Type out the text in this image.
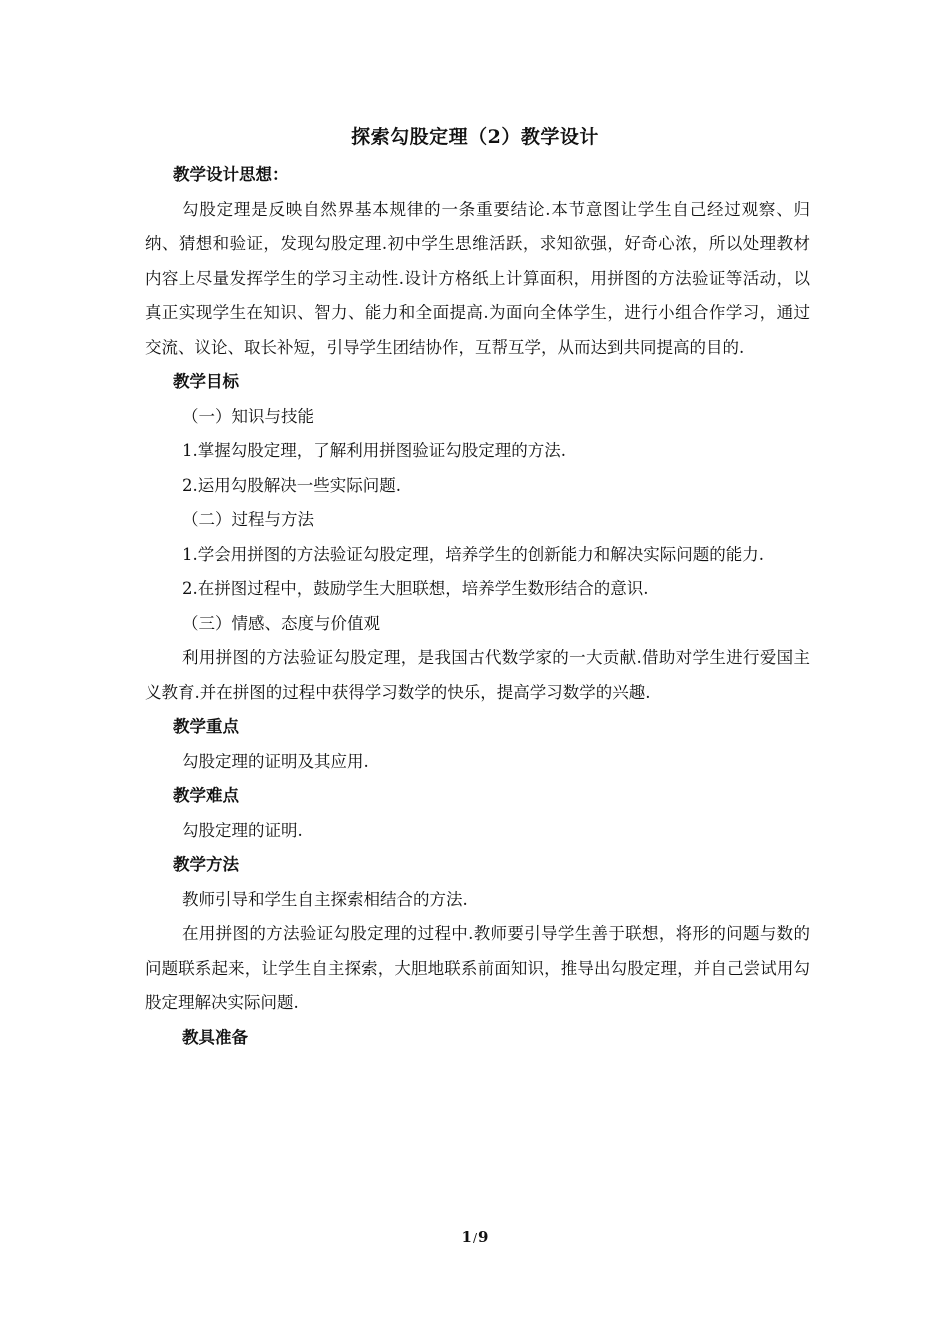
探索勾股定理（2）教学设计

教学设计思想：

勾股定理是反映自然界基本规律的一条重要结论.本节意图让学生自己经过观察、归纳、猜想和验证，发现勾股定理.初中学生思维活跃，求知欲强，好奇心浓，所以处理教材内容上尽量发挥学生的学习主动性.设计方格纸上计算面积，用拼图的方法验证等活动，以真正实现学生在知识、智力、能力和全面提高.为面向全体学生，进行小组合作学习，通过交流、议论、取长补短，引导学生团结协作，互帮互学，从而达到共同提高的目的.

教学目标

（一）知识与技能

1.掌握勾股定理，了解利用拼图验证勾股定理的方法.

2.运用勾股解决一些实际问题.

（二）过程与方法

1.学会用拼图的方法验证勾股定理，培养学生的创新能力和解决实际问题的能力.

2.在拼图过程中，鼓励学生大胆联想，培养学生数形结合的意识.

（三）情感、态度与价值观

利用拼图的方法验证勾股定理，是我国古代数学家的一大贡献.借助对学生进行爱国主义教育.并在拼图的过程中获得学习数学的快乐，提高学习数学的兴趣.

教学重点

勾股定理的证明及其应用.

教学难点

勾股定理的证明.

教学方法

教师引导和学生自主探索相结合的方法.

在用拼图的方法验证勾股定理的过程中.教师要引导学生善于联想，将形的问题与数的问题联系起来，让学生自主探索，大胆地联系前面知识，推导出勾股定理，并自己尝试用勾股定理解决实际问题.

教具准备

1/9
